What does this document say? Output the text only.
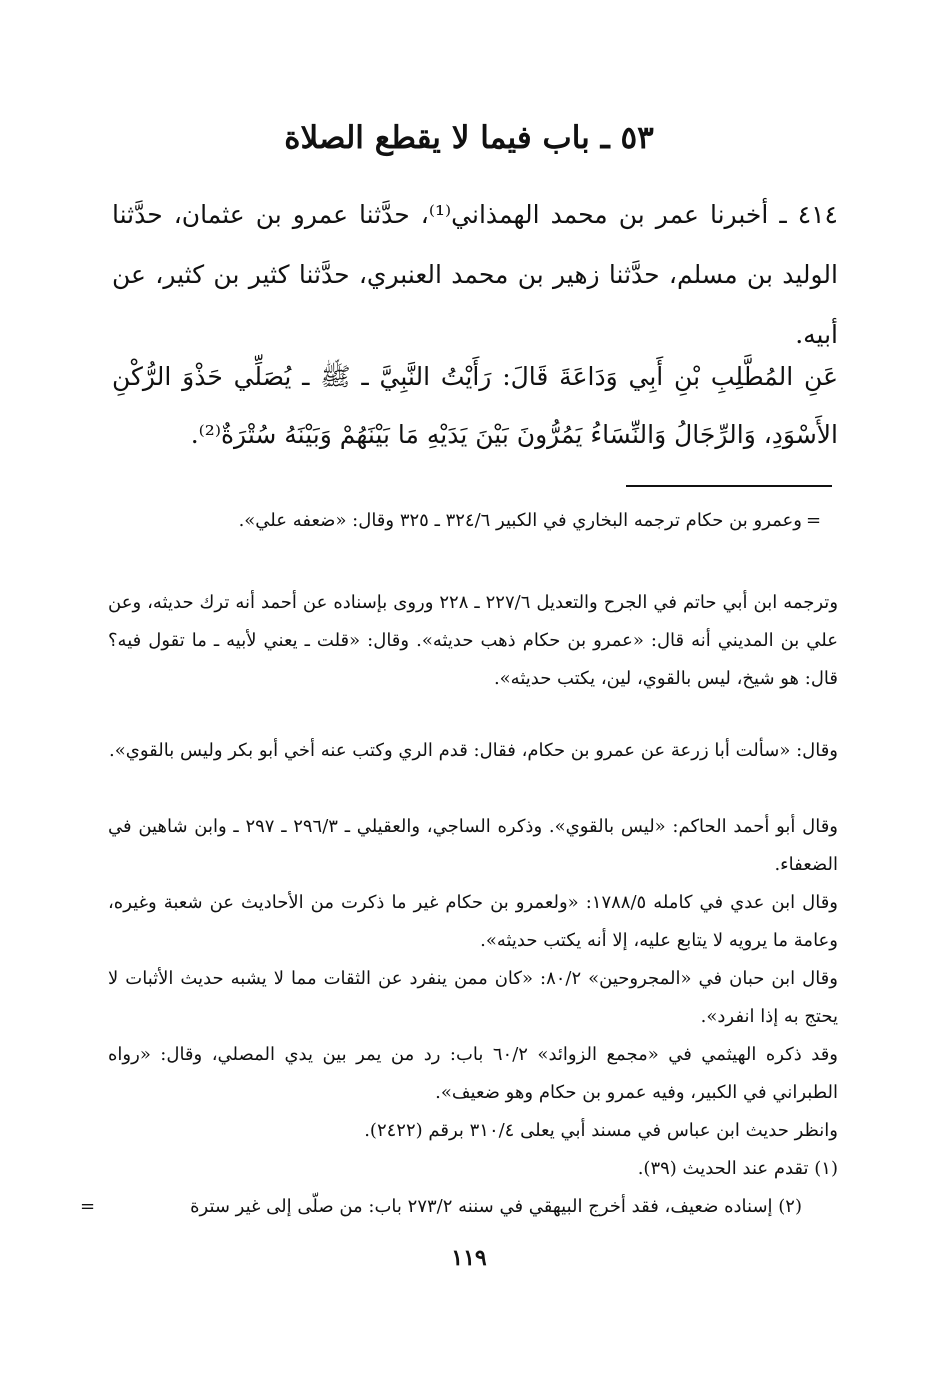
٥٣ ـ باب فيما لا يقطع الصلاة
٤١٤ ـ أخبرنا عمر بن محمد الهمذاني⁽¹⁾، حدَّثنا عمرو بن عثمان، حدَّثنا الوليد بن مسلم، حدَّثنا زهير بن محمد العنبري، حدَّثنا كثير بن كثير، عن أبيه.
عَنِ المُطَّلِبِ بْنِ أَبِي وَدَاعَةَ قَالَ: رَأَيْتُ النَّبِيَّ ـ ﷺ ـ يُصَلِّي حَذْوَ الرُّكْنِ الأَسْوَدِ، وَالرِّجَالُ وَالنِّسَاءُ يَمُرُّونَ بَيْنَ يَدَيْهِ مَا بَيْنَهُمْ وَبَيْنَهُ سُتْرَةٌ⁽²⁾.
=
وعمرو بن حكام ترجمه البخاري في الكبير ٣٢٤/٦ ـ ٣٢٥ وقال: «ضعفه علي».
وترجمه ابن أبي حاتم في الجرح والتعديل ٢٢٧/٦ ـ ٢٢٨ وروى بإسناده عن أحمد أنه ترك حديثه، وعن علي بن المديني أنه قال: «عمرو بن حكام ذهب حديثه». وقال: «قلت ـ يعني لأبيه ـ ما تقول فيه؟ قال: هو شيخ، ليس بالقوي، لين، يكتب حديثه».
وقال: «سألت أبا زرعة عن عمرو بن حكام، فقال: قدم الري وكتب عنه أخي أبو بكر وليس بالقوي».
وقال أبو أحمد الحاكم: «ليس بالقوي». وذكره الساجي، والعقيلي ـ ٢٩٦/٣ ـ ٢٩٧ ـ وابن شاهين في الضعفاء.
وقال ابن عدي في كامله ١٧٨٨/٥: «ولعمرو بن حكام غير ما ذكرت من الأحاديث عن شعبة وغيره، وعامة ما يرويه لا يتابع عليه، إلا أنه يكتب حديثه».
وقال ابن حبان في «المجروحين» ٨٠/٢: «كان ممن ينفرد عن الثقات مما لا يشبه حديث الأثبات لا يحتج به إذا انفرد».
وقد ذكره الهيثمي في «مجمع الزوائد» ٦٠/٢ باب: رد من يمر بين يدي المصلي، وقال: «رواه الطبراني في الكبير، وفيه عمرو بن حكام وهو ضعيف».
وانظر حديث ابن عباس في مسند أبي يعلى ٣١٠/٤ برقم (٢٤٢٢).
(١) تقدم عند الحديث (٣٩).
(٢) إسناده ضعيف، فقد أخرج البيهقي في سننه ٢٧٣/٢ باب: من صلّى إلى غير سترة
=
١١٩
